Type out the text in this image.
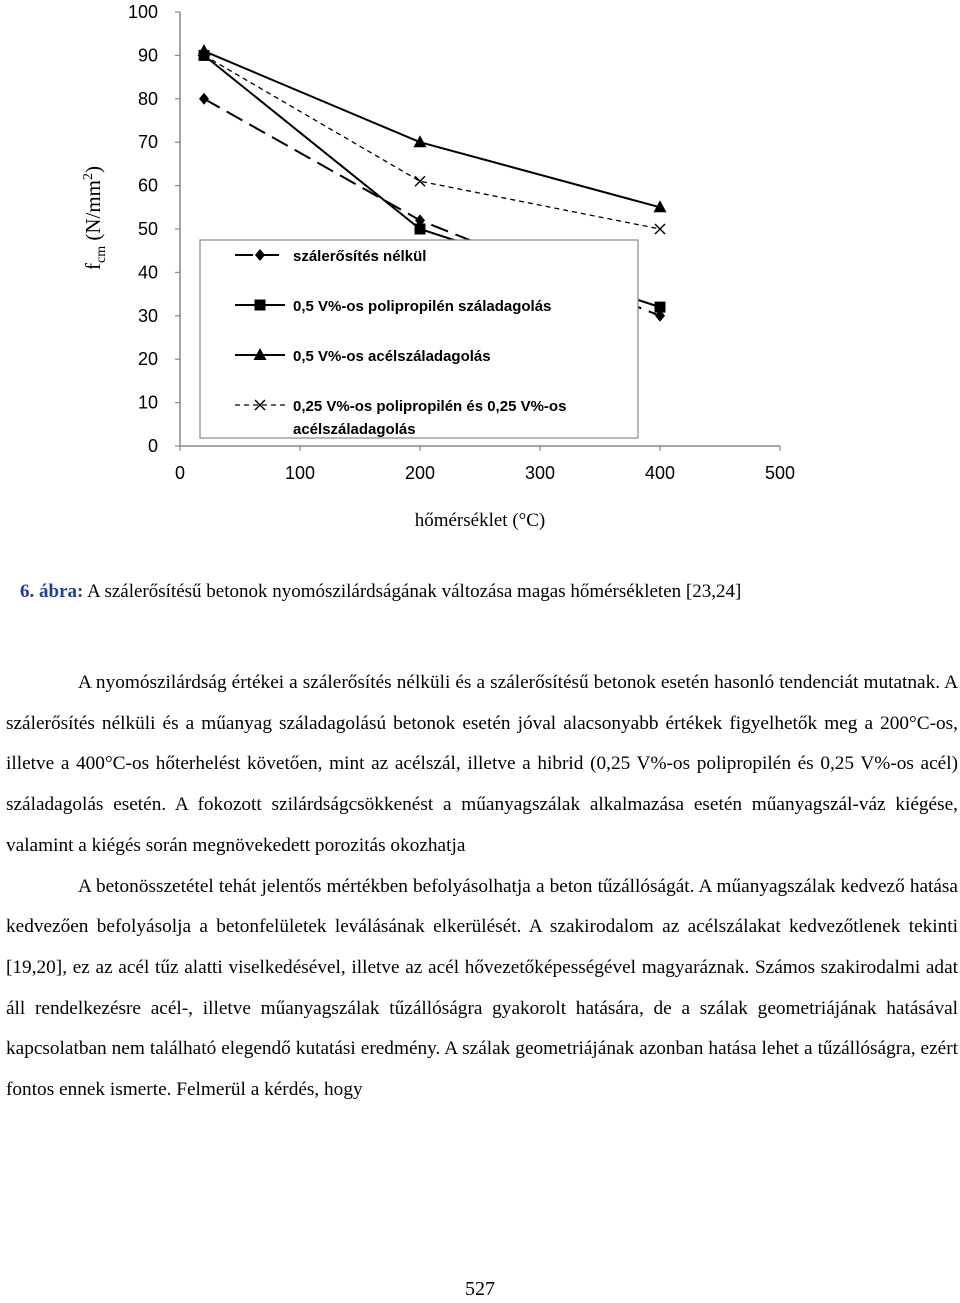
0
10
20
30
40
50
60
70
80
90
100
0	100	200	300	400	500
szálerősítés nélkül
0,5 V%-os polipropilén száladagolás
0,5 V%-os acélszáladagolás
0,25 V%-os polipropilén és 0,25 V%-os
acélszáladagolás
$f_{cm}$ $(N/mm^2)$
hőmérséklet (°C)
6. ábra: A szálerősítésű betonok nyomószilárdságának változása magas hőmérsékleten [23,24]

A nyomószilárdság értékei a szálerősítés nélküli és a szálerősítésű betonok esetén hasonló tendenciát mutatnak. A szálerősítés nélküli és a műanyag száladagolású betonok esetén jóval alacsonyabb értékek figyelhetők meg a 200°C-os, illetve a 400°C-os hőterhelést követően, mint az acélszál, illetve a hibrid (0,25 V%-os polipropilén és 0,25 V%-os acél) száladagolás esetén. A fokozott szilárdságcsökkenést a műanyagszálak alkalmazása esetén műanyagszál-váz kiégése, valamint a kiégés során megnövekedett porozitás okozhatja

A betonösszetétel tehát jelentős mértékben befolyásolhatja a beton tűzállóságát. A műanyagszálak kedvező hatása kedvezően befolyásolja a betonfelületek leválásának elkerülését. A szakirodalom az acélszálakat kedvezőtlenek tekinti [19,20], ez az acél tűz alatti viselkedésével, illetve az acél hővezetőképességével magyaráznak. Számos szakirodalmi adat áll rendelkezésre acél-, illetve műanyagszálak tűzállóságra gyakorolt hatására, de a szálak geometriájának hatásával kapcsolatban nem található elegendő kutatási eredmény. A szálak geometriájának azonban hatása lehet a tűzállóságra, ezért fontos ennek ismerte. Felmerül a kérdés, hogy

527
